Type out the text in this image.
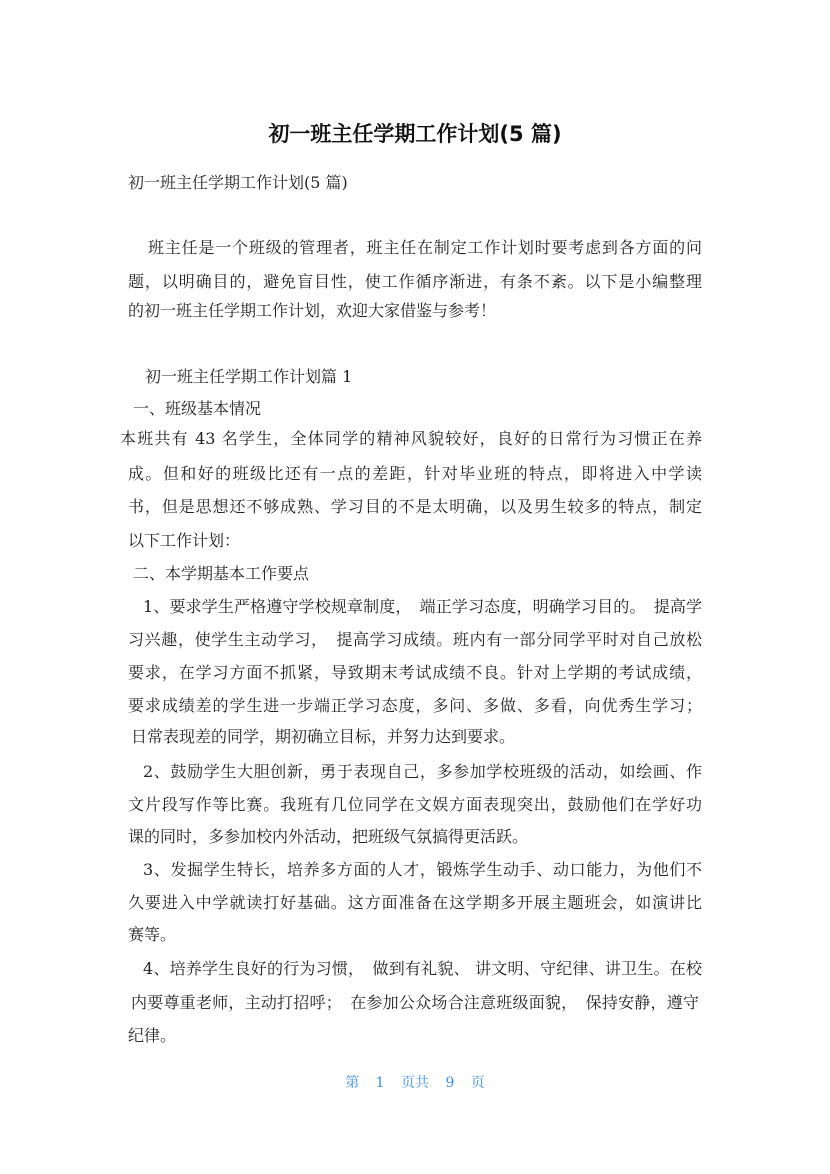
初一班主任学期工作计划(5 篇)
初一班主任学期工作计划(5 篇)
班主任是一个班级的管理者，班主任在制定工作计划时要考虑到各方面的问
题，以明确目的，避免盲目性，使工作循序渐进，有条不紊。以下是小编整理
的初一班主任学期工作计划，欢迎大家借鉴与参考！
初一班主任学期工作计划篇 1
一、班级基本情况
本班共有 43 名学生，全体同学的精神风貌较好，良好的日常行为习惯正在养
成。但和好的班级比还有一点的差距，针对毕业班的特点，即将进入中学读
书，但是思想还不够成熟、学习目的不是太明确，以及男生较多的特点，制定
以下工作计划：
二、本学期基本工作要点
1、要求学生严格遵守学校规章制度，　端正学习态度，明确学习目的。　提高学
习兴趣，使学生主动学习，　提高学习成绩。班内有一部分同学平时对自己放松
要求，在学习方面不抓紧，导致期末考试成绩不良。针对上学期的考试成绩，
要求成绩差的学生进一步端正学习态度，多问、多做、多看，向优秀生学习；
日常表现差的同学，期初确立目标，并努力达到要求。
2、鼓励学生大胆创新，勇于表现自己，多参加学校班级的活动，如绘画、作
文片段写作等比赛。我班有几位同学在文娱方面表现突出，鼓励他们在学好功
课的同时，多参加校内外活动，把班级气氛搞得更活跃。
3、发掘学生特长，培养多方面的人才，锻炼学生动手、动口能力，为他们不
久要进入中学就读打好基础。这方面准备在这学期多开展主题班会，如演讲比
赛等。
4、培养学生良好的行为习惯，　做到有礼貌、 讲文明、守纪律、讲卫生。在校
内要尊重老师，主动打招呼；　在参加公众场合注意班级面貌，　保持安静，遵守
纪律。
第 1 页共 9 页
